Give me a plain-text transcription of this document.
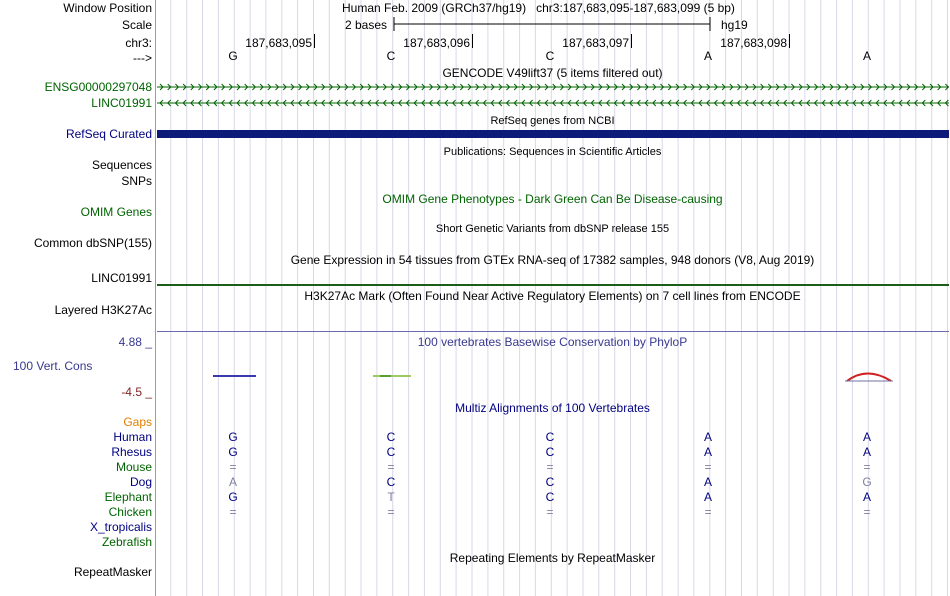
Window Position	Human Feb. 2009 (GRCh37/hg19)   chr3:187,683,095-187,683,099 (5 bp)
Scale	2 bases	hg19
chr3:	187,683,095	187,683,096	187,683,097	187,683,098
--->	G	C	C	A	A
GENCODE V49lift37 (5 items filtered out)
ENSG00000297048
LINC01991
RefSeq genes from NCBI
RefSeq Curated
Publications: Sequences in Scientific Articles
Sequences
SNPs
OMIM Gene Phenotypes - Dark Green Can Be Disease-causing
OMIM Genes
Short Genetic Variants from dbSNP release 155
Common dbSNP(155)
Gene Expression in 54 tissues from GTEx RNA-seq of 17382 samples, 948 donors (V8, Aug 2019)
LINC01991
H3K27Ac Mark (Often Found Near Active Regulatory Elements) on 7 cell lines from ENCODE
Layered H3K27Ac
4.88 _	100 vertebrates Basewise Conservation by PhyloP
100 Vert. Cons
-4.5 _
Multiz Alignments of 100 Vertebrates
Gaps
Human	G	C	C	A	A
Rhesus	G	C	C	A	A
Mouse	=	=	=	=	=
Dog	A	C	C	A	G
Elephant	G	T	C	A	A
Chicken	=	=	=	=	=
X_tropicalis
Zebrafish
Repeating Elements by RepeatMasker
RepeatMasker
